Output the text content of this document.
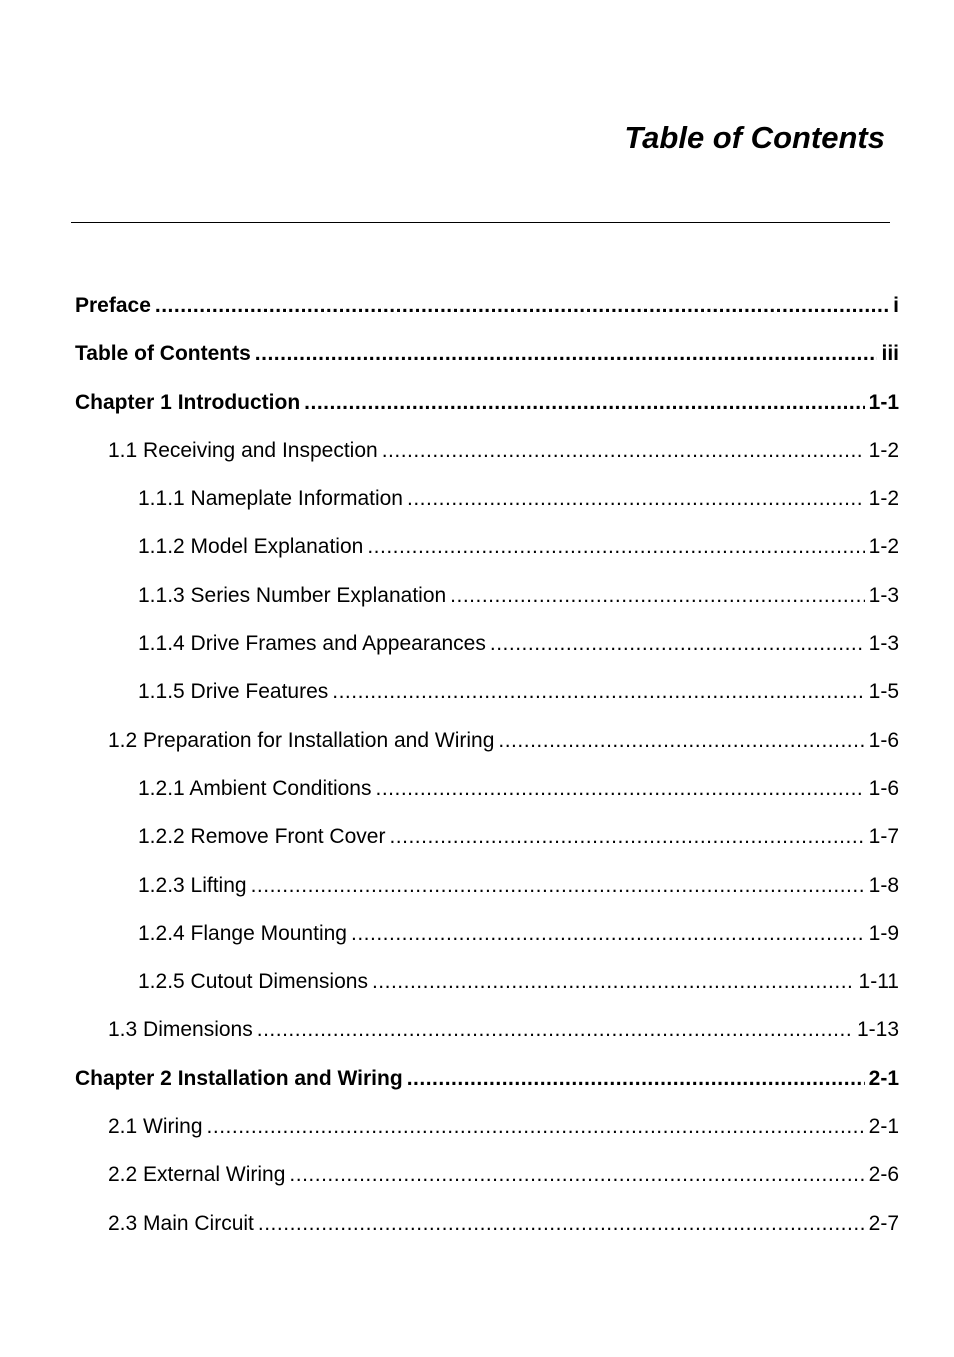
Table of Contents
Preface .....	i
Table of Contents .....	iii
Chapter 1 Introduction .....	1-1
1.1 Receiving and Inspection .....	1-2
1.1.1 Nameplate Information .....	1-2
1.1.2 Model Explanation .....	1-2
1.1.3 Series Number Explanation .....	1-3
1.1.4 Drive Frames and Appearances .....	1-3
1.1.5 Drive Features .....	1-5
1.2 Preparation for Installation and Wiring .....	1-6
1.2.1 Ambient Conditions .....	1-6
1.2.2 Remove Front Cover .....	1-7
1.2.3 Lifting .....	1-8
1.2.4 Flange Mounting .....	1-9
1.2.5 Cutout Dimensions .....	1-11
1.3 Dimensions .....	1-13
Chapter 2 Installation and Wiring .....	2-1
2.1 Wiring .....	2-1
2.2 External Wiring .....	2-6
2.3 Main Circuit .....	2-7
